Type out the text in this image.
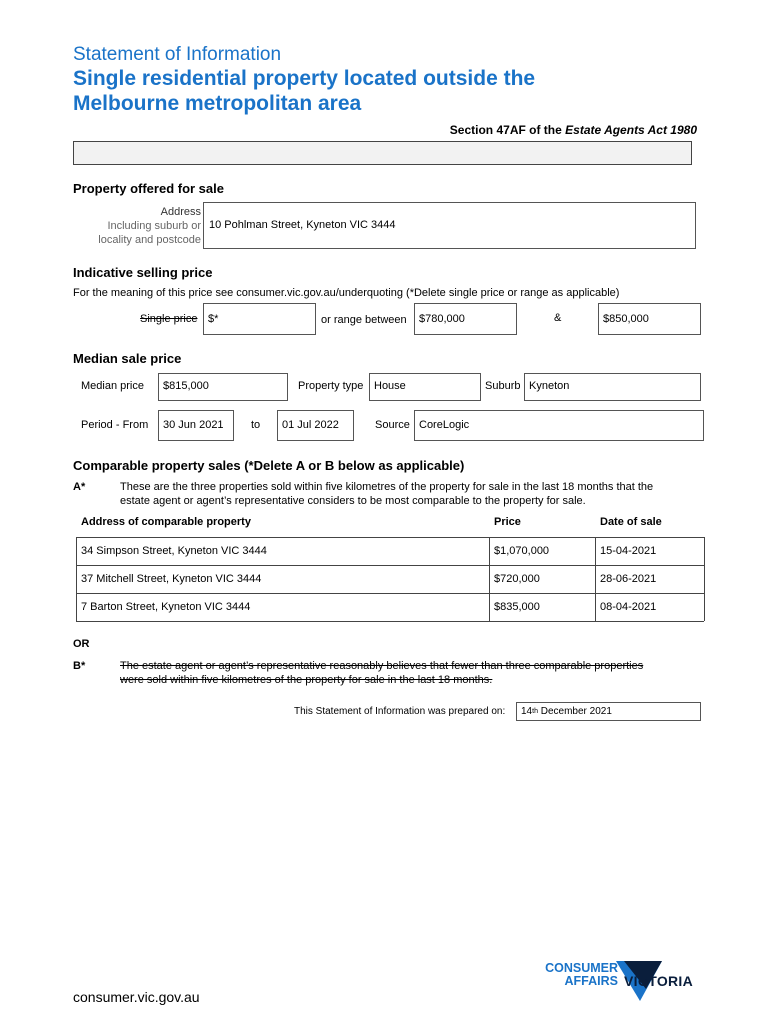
Statement of Information
Single residential property located outside the
Melbourne metropolitan area
Section 47AF of the Estate Agents Act 1980
Property offered for sale
Address
Including suburb or
locality and postcode
10 Pohlman Street, Kyneton VIC 3444
Indicative selling price
For the meaning of this price see consumer.vic.gov.au/underquoting (*Delete single price or range as applicable)
Single price $*	or range between $780,000	&	$850,000
Median sale price
Median price $815,000	Property type House	Suburb Kyneton
Period - From 30 Jun 2021 to 01 Jul 2022	Source CoreLogic
Comparable property sales (*Delete A or B below as applicable)
A*	These are the three properties sold within five kilometres of the property for sale in the last 18 months that the
estate agent or agent’s representative considers to be most comparable to the property for sale.
Address of comparable property	Price	Date of sale
34 Simpson Street, Kyneton VIC 3444	$1,070,000	15-04-2021
37 Mitchell Street, Kyneton VIC 3444	$720,000	28-06-2021
7 Barton Street, Kyneton VIC 3444	$835,000	08-04-2021
OR
B*	The estate agent or agent’s representative reasonably believes that fewer than three comparable properties
were sold within five kilometres of the property for sale in the last 18 months.
This Statement of Information was prepared on: 14 th December 2021
consumer.vic.gov.au
CONSUMER
AFFAIRS VICTORIA
